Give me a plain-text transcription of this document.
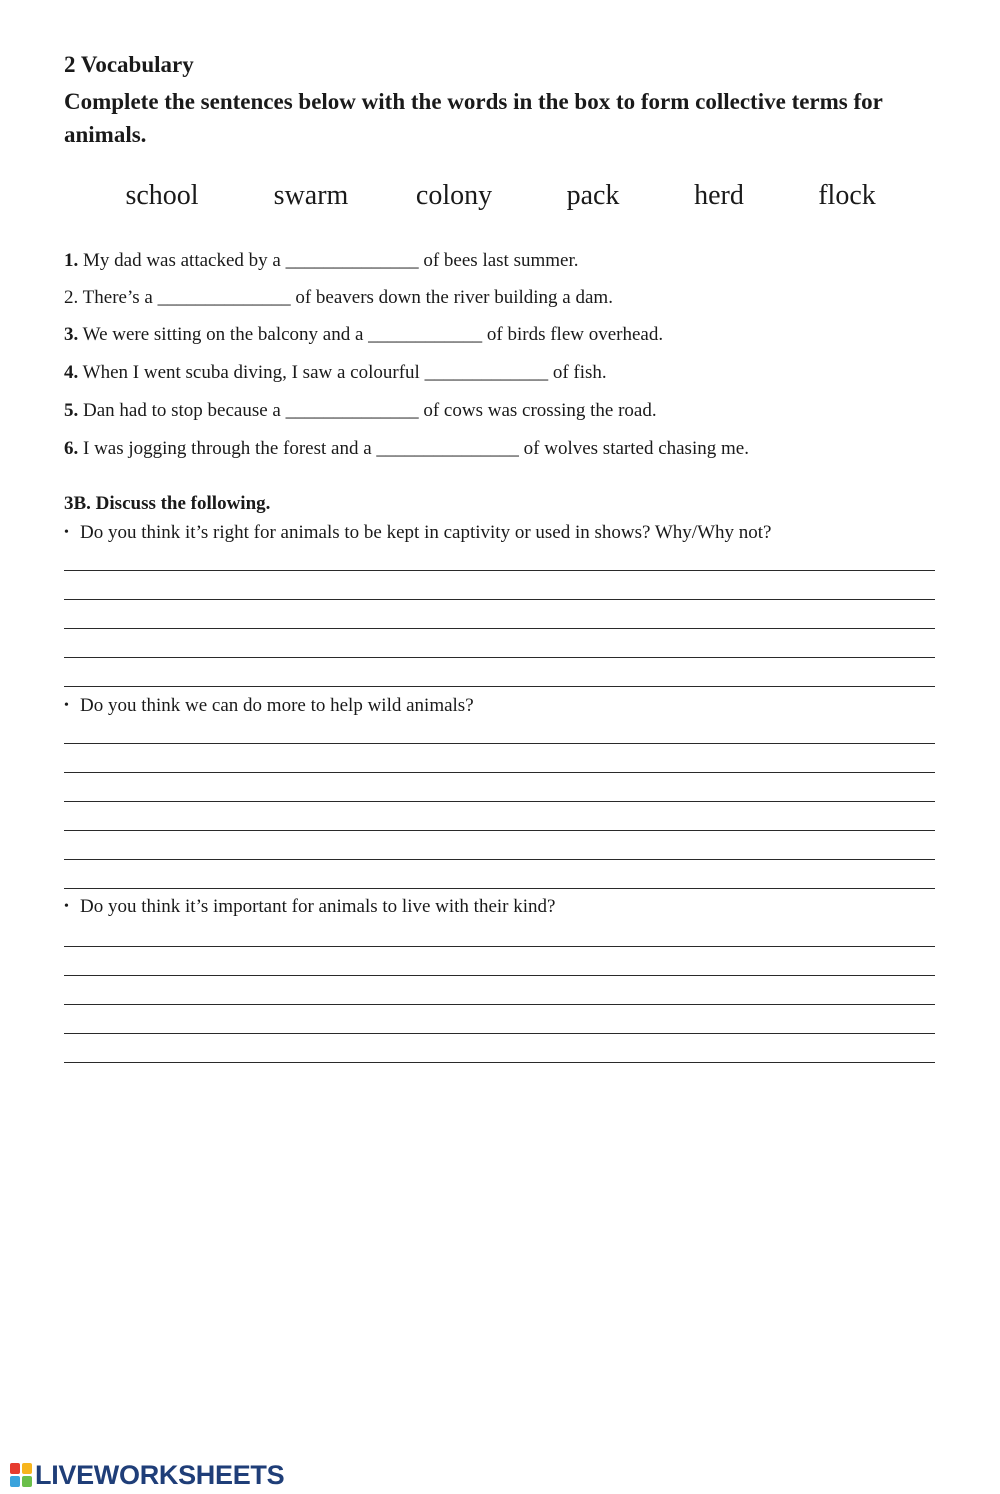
2 Vocabulary

Complete the sentences below with the words in the box to form collective terms for animals.

school	swarm colony	pack	herd	flock
1. My dad was attacked by a ______________ of bees last summer.
2. There’s a ______________ of beavers down the river building a dam.
3. We were sitting on the balcony and a ____________ of birds flew overhead.
4. When I went scuba diving, I saw a colourful _____________ of fish.
5. Dan had to stop because a ______________ of cows was crossing the road.
6. I was jogging through the forest and a _______________ of wolves started chasing me.
3B. Discuss the following.
• Do you think it’s right for animals to be kept in captivity or used in shows? Why/Why not?
• Do you think we can do more to help wild animals?
• Do you think it’s important for animals to live with their kind?
LIVEWORKSHEETS
